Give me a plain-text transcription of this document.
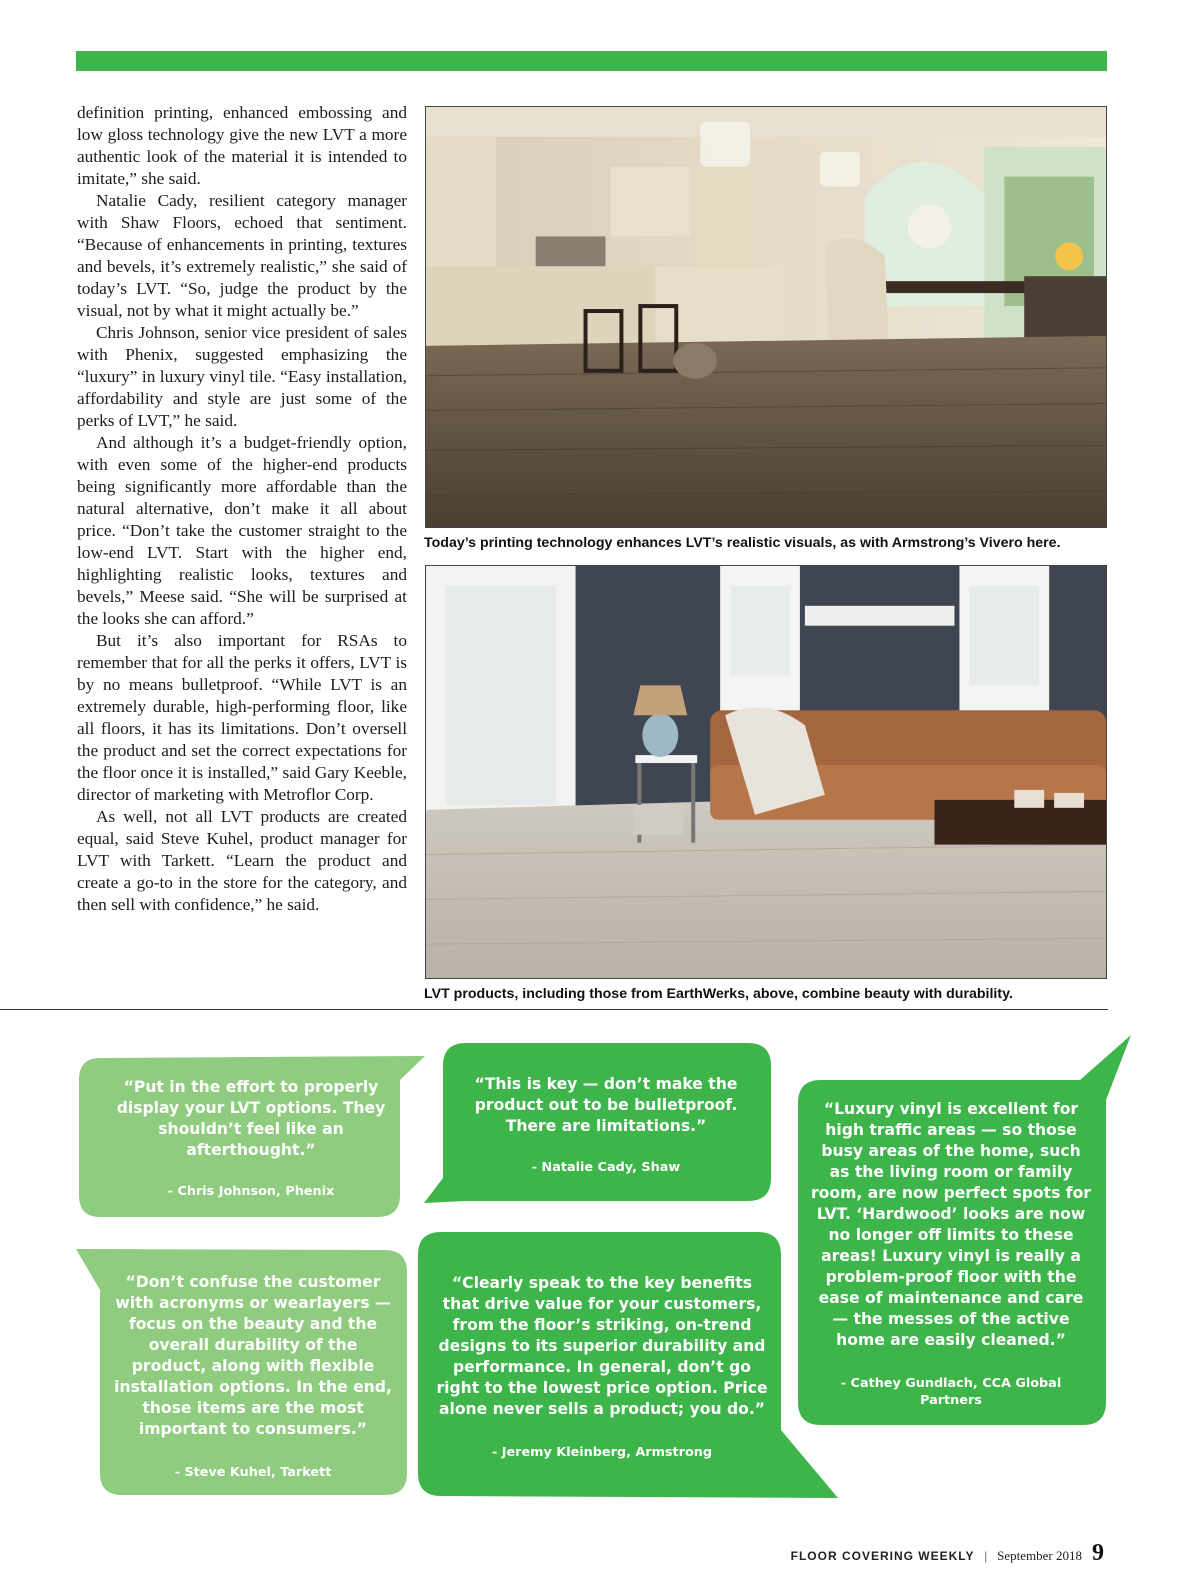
definition printing, enhanced embossing and low gloss technology give the new LVT a more authentic look of the material it is intended to imitate,” she said.

Natalie Cady, resilient category manager with Shaw Floors, echoed that sentiment. “Because of enhancements in printing, textures and bevels, it’s extremely realistic,” she said of today’s LVT. “So, judge the product by the visual, not by what it might actually be.”

Chris Johnson, senior vice president of sales with Phenix, suggested emphasizing the “luxury” in luxury vinyl tile. “Easy installation, affordability and style are just some of the perks of LVT,” he said.

And although it’s a budget-friendly option, with even some of the higher-end products being significantly more affordable than the natural alternative, don’t make it all about price. “Don’t take the customer straight to the low-end LVT. Start with the higher end, highlighting realistic looks, textures and bevels,” Meese said. “She will be surprised at the looks she can afford.”

But it’s also important for RSAs to remember that for all the perks it offers, LVT is by no means bulletproof. “While LVT is an extremely durable, high-performing floor, like all floors, it has its limitations. Don’t oversell the product and set the correct expectations for the floor once it is installed,” said Gary Keeble, director of marketing with Metroflor Corp.

As well, not all LVT products are created equal, said Steve Kuhel, product manager for LVT with Tarkett. “Learn the product and create a go-to in the store for the category, and then sell with confidence,” he said.

Today’s printing technology enhances LVT’s realistic visuals, as with Armstrong’s Vivero here.
LVT products, including those from EarthWerks, above, combine beauty with durability.
“Put in the effort to properly display your LVT options. They shouldn’t feel like an afterthought.”
- Chris Johnson, Phenix
“This is key — don’t make the product out to be bulletproof. There are limitations.”
- Natalie Cady, Shaw
“Luxury vinyl is excellent for high traffic areas — so those busy areas of the home, such as the living room or family room, are now perfect spots for LVT. ‘Hardwood’ looks are now no longer off limits to these areas! Luxury vinyl is really a problem-proof floor with the ease of maintenance and care — the messes of the active home are easily cleaned.”
- Cathey Gundlach, CCA Global Partners
“Don’t confuse the customer with acronyms or wearlayers — focus on the beauty and the overall durability of the product, along with flexible installation options. In the end, those items are the most important to consumers.”
- Steve Kuhel, Tarkett
“Clearly speak to the key benefits that drive value for your customers, from the floor’s striking, on-trend designs to its superior durability and performance. In general, don’t go right to the lowest price option. Price alone never sells a product; you do.”
- Jeremy Kleinberg, Armstrong
FLOOR COVERING WEEKLY | September 2018 9
